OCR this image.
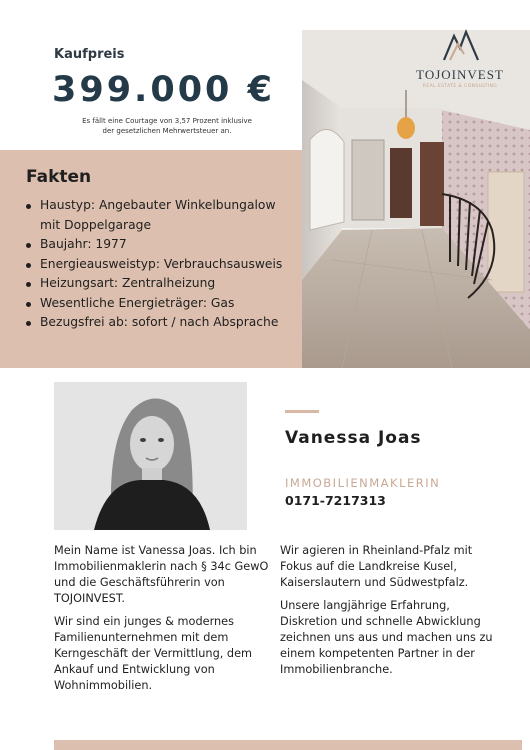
Kaufpreis
399.000 €
Es fällt eine Courtage von 3,57 Prozent inklusive
der gesetzlichen Mehrwertsteuer an.
Fakten
Haustyp: Angebauter Winkelbungalow mit Doppelgarage
Baujahr: 1977
Energieausweistyp: Verbrauchsausweis
Heizungsart: Zentralheizung
Wesentliche Energieträger: Gas
Bezugsfrei ab: sofort / nach Absprache
TOJOINVEST
REAL ESTATE & CONSULTING
Vanessa Joas
IMMOBILIENMAKLERIN
0171-7217313
Mein Name ist Vanessa Joas. Ich bin Immobilienmaklerin nach § 34c GewO und die Geschäftsführerin von TOJOINVEST.
Wir sind ein junges & modernes Familienunternehmen mit dem Kerngeschäft der Vermittlung, dem Ankauf und Entwicklung von Wohnimmobilien.
Wir agieren in Rheinland-Pfalz mit Fokus auf die Landkreise Kusel, Kaiserslautern und Südwestpfalz.
Unsere langjährige Erfahrung, Diskretion und schnelle Abwicklung zeichnen uns aus und machen uns zu einem kompetenten Partner in der Immobilienbranche.
